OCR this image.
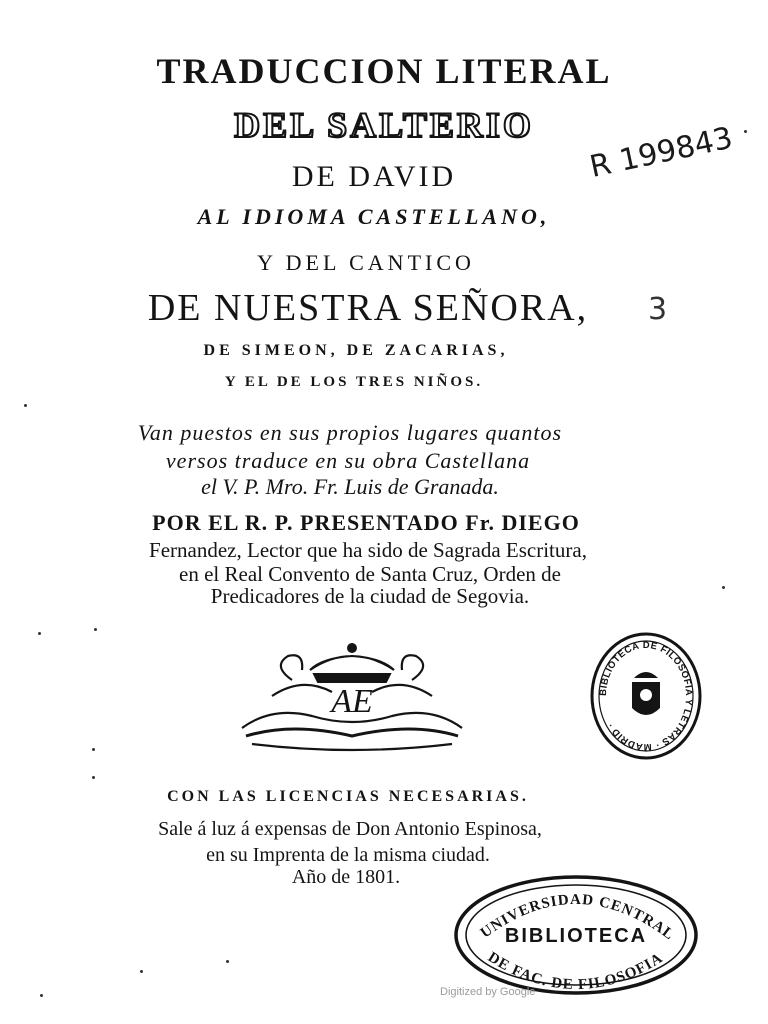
TRADUCCION LITERAL
DEL SALTERIO
DE DAVID
AL IDIOMA CASTELLANO,
Y DEL CANTICO
DE NUESTRA SEÑORA,
DE SIMEON, DE ZACARIAS,
Y EL DE LOS TRES NIÑOS.
Van puestos en sus propios lugares quantos
versos traduce en su obra Castellana
el V. P. Mro. Fr. Luis de Granada.
POR EL R. P. PRESENTADO Fr. DIEGO
Fernandez, Lector que ha sido de Sagrada Escritura,
en el Real Convento de Santa Cruz, Orden de
Predicadores de la ciudad de Segovia.
R 199843
3
AE	BIBLIOTECA DE FILOSOFIA Y LETRAS · MADRID ·
CON LAS LICENCIAS NECESARIAS.
Sale á luz á expensas de Don Antonio Espinosa,
en su Imprenta de la misma ciudad.
Año de 1801.
UNIVERSIDAD CENTRAL
BIBLIOTECA
DE FAC. DE FILOSOFIA
Digitized by Google
